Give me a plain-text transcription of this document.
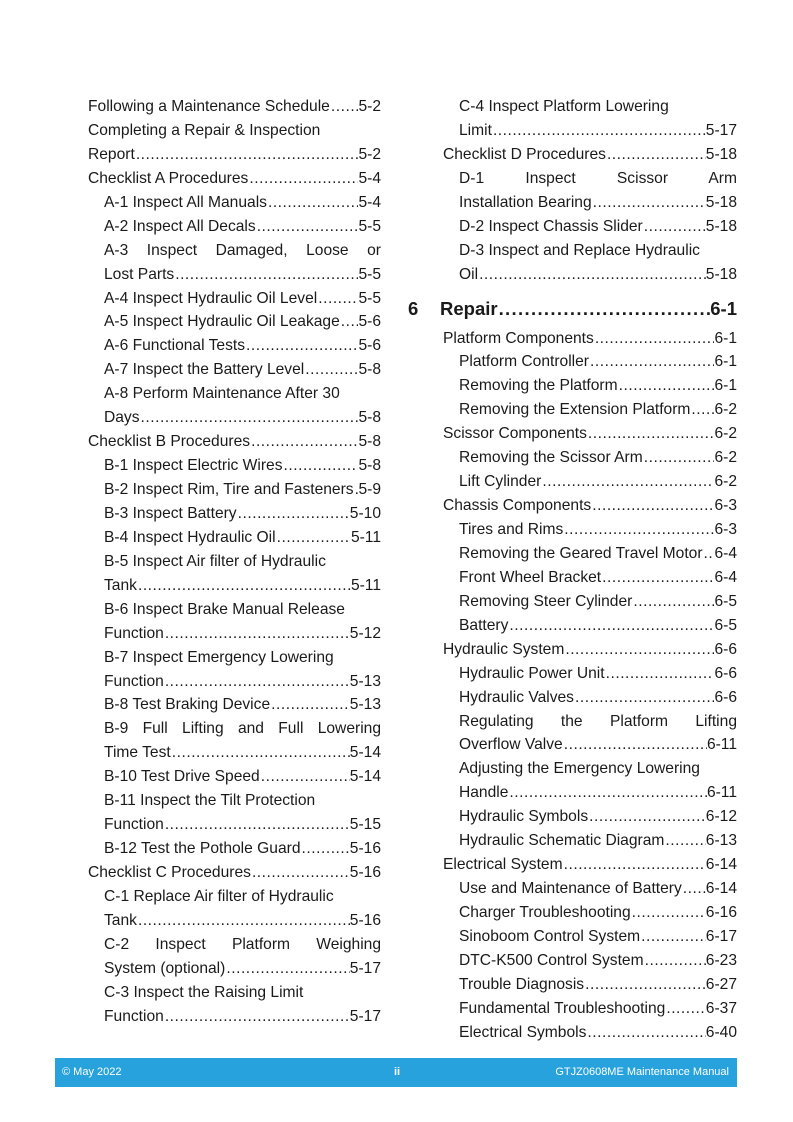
Following a Maintenance Schedule . . . 5-2
Completing a Repair & Inspection
Report . . .	5-2
Checklist A Procedures . . .	5-4
A-1 Inspect All Manuals . . .	5-4
A-2 Inspect All Decals . . .	5-5
A-3 Inspect Damaged, Loose or
Lost Parts . . .	5-5
A-4 Inspect Hydraulic Oil Level . . .	5-5
A-5 Inspect Hydraulic Oil Leakage . . . 5-6
A-6 Functional Tests . . .	5-6
A-7 Inspect the Battery Level . . .	5-8
A-8 Perform Maintenance After 30
Days . . .	5-8
Checklist B Procedures . . .	5-8
B-1 Inspect Electric Wires . . .	5-8
B-2 Inspect Rim, Tire and Fasteners . . . 5-9
B-3 Inspect Battery . . .	5-10
B-4 Inspect Hydraulic Oil . . .	5-11
B-5 Inspect Air filter of Hydraulic
Tank . . .	5-11
B-6 Inspect Brake Manual Release
Function . . .	5-12
B-7 Inspect Emergency Lowering
Function . . .	5-13
B-8 Test Braking Device . . .	5-13
B-9 Full Lifting and Full Lowering
Time Test . . .	5-14
B-10 Test Drive Speed . . .	5-14
B-11 Inspect the Tilt Protection
Function . . .	5-15
B-12 Test the Pothole Guard . . .	5-16
Checklist C Procedures . . .	5-16
C-1 Replace Air filter of Hydraulic
Tank . . .	5-16
C-2 Inspect Platform Weighing
System (optional) . . .	5-17
C-3 Inspect the Raising Limit
Function . . .	5-17
C-4 Inspect Platform Lowering
Limit . . .	5-17
Checklist D Procedures . . .	5-18
D-1 Inspect Scissor Arm
Installation Bearing . . .	5-18
D-2 Inspect Chassis Slider . . .	5-18
D-3 Inspect and Replace Hydraulic
Oil . . .	5-18
6 Repair . . .	6-1
Platform Components . . .	6-1
Platform Controller . . .	6-1
Removing the Platform . . .	6-1
Removing the Extension Platform . . . 6-2
Scissor Components . . .	6-2
Removing the Scissor Arm . . .	6-2
Lift Cylinder . . .	6-2
Chassis Components . . .	6-3
Tires and Rims . . .	6-3
Removing the Geared Travel Motor . . . 6-4
Front Wheel Bracket . . .	6-4
Removing Steer Cylinder . . .	6-5
Battery . . .	6-5
Hydraulic System . . .	6-6
Hydraulic Power Unit . . .	6-6
Hydraulic Valves . . .	6-6
Regulating the Platform Lifting
Overflow Valve . . .	6-11
Adjusting the Emergency Lowering
Handle . . .	6-11
Hydraulic Symbols . . .	6-12
Hydraulic Schematic Diagram . . .	6-13
Electrical System . . .	6-14
Use and Maintenance of Battery . . . 6-14
Charger Troubleshooting . . .	6-16
Sinoboom Control System . . .	6-17
DTC-K500 Control System . . .	6-23
Trouble Diagnosis . . .	6-27
Fundamental Troubleshooting . . .	6-37
Electrical Symbols . . .	6-40
© May 2022	ii	GTJZ0608ME Maintenance Manual
